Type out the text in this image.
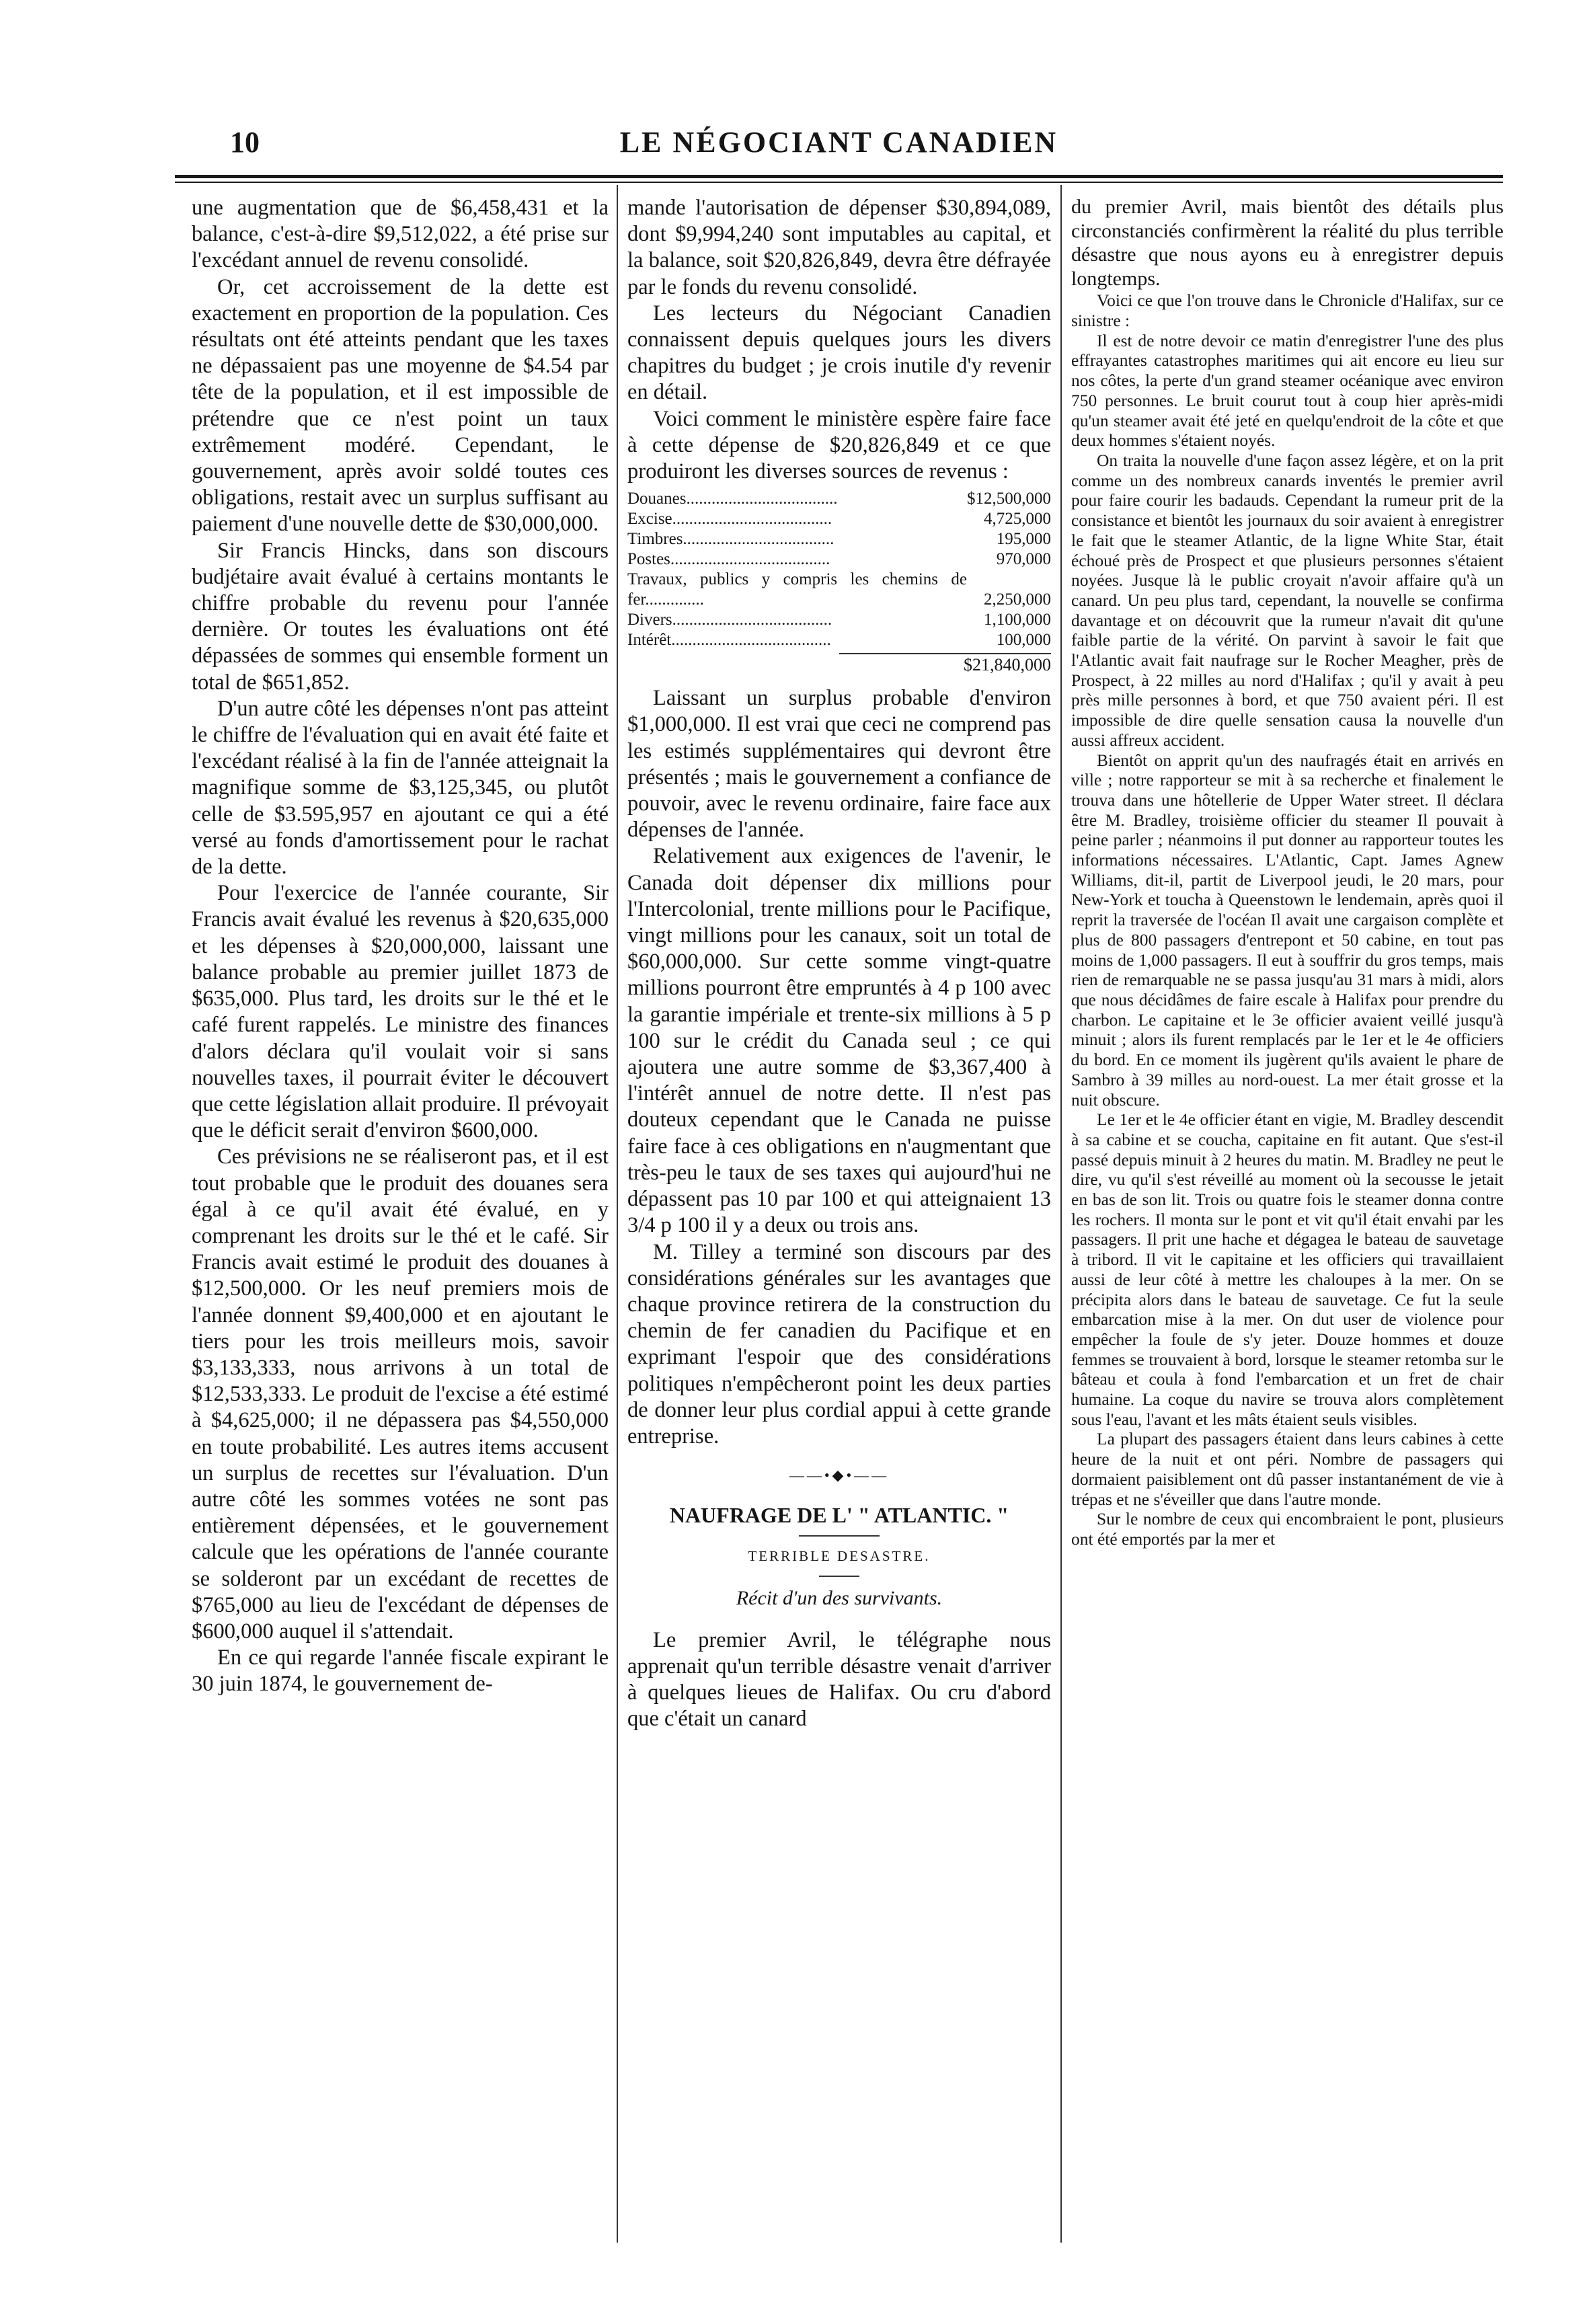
10	LE NÉGOCIANT CANADIEN

une augmentation que de $6,458,431 et la balance, c'est-à-dire $9,512,022, a été prise sur l'excédant annuel de revenu consolidé.

Or, cet accroissement de la dette est exactement en proportion de la population. Ces résultats ont été atteints pendant que les taxes ne dépassaient pas une moyenne de $4.54 par tête de la population, et il est impossible de prétendre que ce n'est point un taux extrêmement modéré. Cependant, le gouvernement, après avoir soldé toutes ces obligations, restait avec un surplus suffisant au paiement d'une nouvelle dette de $30,000,000.

Sir Francis Hincks, dans son discours budjétaire avait évalué à certains montants le chiffre probable du revenu pour l'année dernière. Or toutes les évaluations ont été dépassées de sommes qui ensemble forment un total de $651,852.

D'un autre côté les dépenses n'ont pas atteint le chiffre de l'évaluation qui en avait été faite et l'excédant réalisé à la fin de l'année atteignait la magnifique somme de $3,125,345, ou plutôt celle de $3.595,957 en ajoutant ce qui a été versé au fonds d'amortissement pour le rachat de la dette.

Pour l'exercice de l'année courante, Sir Francis avait évalué les revenus à $20,635,000 et les dépenses à $20,000,000, laissant une balance probable au premier juillet 1873 de $635,000. Plus tard, les droits sur le thé et le café furent rappelés. Le ministre des finances d'alors déclara qu'il voulait voir si sans nouvelles taxes, il pourrait éviter le découvert que cette législation allait produire. Il prévoyait que le déficit serait d'environ $600,000.

Ces prévisions ne se réaliseront pas, et il est tout probable que le produit des douanes sera égal à ce qu'il avait été évalué, en y comprenant les droits sur le thé et le café. Sir Francis avait estimé le produit des douanes à $12,500,000. Or les neuf premiers mois de l'année donnent $9,400,000 et en ajoutant le tiers pour les trois meilleurs mois, savoir $3,133,333, nous arrivons à un total de $12,533,333. Le produit de l'excise a été estimé à $4,625,000; il ne dépassera pas $4,550,000 en toute probabilité. Les autres items accusent un surplus de recettes sur l'évaluation. D'un autre côté les sommes votées ne sont pas entièrement dépensées, et le gouvernement calcule que les opérations de l'année courante se solderont par un excédant de recettes de $765,000 au lieu de l'excédant de dépenses de $600,000 auquel il s'attendait.

En ce qui regarde l'année fiscale expirant le 30 juin 1874, le gouvernement de-

mande l'autorisation de dépenser $30,894,089, dont $9,994,240 sont imputables au capital, et la balance, soit $20,826,849, devra être défrayée par le fonds du revenu consolidé.

Les lecteurs du Négociant Canadien connaissent depuis quelques jours les divers chapitres du budget ; je crois inutile d'y revenir en détail.

Voici comment le ministère espère faire face à cette dépense de $20,826,849 et ce que produiront les diverses sources de revenus :

Douanes....................................	$12,500,000
Excise......................................	4,725,000
Timbres....................................	195,000
Postes......................................	970,000
Travaux, publics y compris les chemins de fer..............	2,250,000
Divers......................................	1,100,000
Intérêt......................................	100,000
$21,840,000

Laissant un surplus probable d'environ $1,000,000. Il est vrai que ceci ne comprend pas les estimés supplémentaires qui devront être présentés ; mais le gouvernement a confiance de pouvoir, avec le revenu ordinaire, faire face aux dépenses de l'année.

Relativement aux exigences de l'avenir, le Canada doit dépenser dix millions pour l'Intercolonial, trente millions pour le Pacifique, vingt millions pour les canaux, soit un total de $60,000,000. Sur cette somme vingt-quatre millions pourront être empruntés à 4 p 100 avec la garantie impériale et trente-six millions à 5 p 100 sur le crédit du Canada seul ; ce qui ajoutera une autre somme de $3,367,400 à l'intérêt annuel de notre dette. Il n'est pas douteux cependant que le Canada ne puisse faire face à ces obligations en n'augmentant que très-peu le taux de ses taxes qui aujourd'hui ne dépassent pas 10 par 100 et qui atteignaient 13 3/4 p 100 il y a deux ou trois ans.

M. Tilley a terminé son discours par des considérations générales sur les avantages que chaque province retirera de la construction du chemin de fer canadien du Pacifique et en exprimant l'espoir que des considérations politiques n'empêcheront point les deux parties de donner leur plus cordial appui à cette grande entreprise.

——•◆•——
NAUFRAGE DE L' " ATLANTIC. "
TERRIBLE DESASTRE.
Récit d'un des survivants.

Le premier Avril, le télégraphe nous apprenait qu'un terrible désastre venait d'arriver à quelques lieues de Halifax. Ou cru d'abord que c'était un canard

du premier Avril, mais bientôt des détails plus circonstanciés confirmèrent la réalité du plus terrible désastre que nous ayons eu à enregistrer depuis longtemps.

Voici ce que l'on trouve dans le Chronicle d'Halifax, sur ce sinistre :

Il est de notre devoir ce matin d'enregistrer l'une des plus effrayantes catastrophes maritimes qui ait encore eu lieu sur nos côtes, la perte d'un grand steamer océanique avec environ 750 personnes. Le bruit courut tout à coup hier après-midi qu'un steamer avait été jeté en quelqu'endroit de la côte et que deux hommes s'étaient noyés.

On traita la nouvelle d'une façon assez légère, et on la prit comme un des nombreux canards inventés le premier avril pour faire courir les badauds. Cependant la rumeur prit de la consistance et bientôt les journaux du soir avaient à enregistrer le fait que le steamer Atlantic, de la ligne White Star, était échoué près de Prospect et que plusieurs personnes s'étaient noyées. Jusque là le public croyait n'avoir affaire qu'à un canard. Un peu plus tard, cependant, la nouvelle se confirma davantage et on découvrit que la rumeur n'avait dit qu'une faible partie de la vérité. On parvint à savoir le fait que l'Atlantic avait fait naufrage sur le Rocher Meagher, près de Prospect, à 22 milles au nord d'Halifax ; qu'il y avait à peu près mille personnes à bord, et que 750 avaient péri. Il est impossible de dire quelle sensation causa la nouvelle d'un aussi affreux accident.

Bientôt on apprit qu'un des naufragés était en arrivés en ville ; notre rapporteur se mit à sa recherche et finalement le trouva dans une hôtellerie de Upper Water street. Il déclara être M. Bradley, troisième officier du steamer Il pouvait à peine parler ; néanmoins il put donner au rapporteur toutes les informations nécessaires. L'Atlantic, Capt. James Agnew Williams, dit-il, partit de Liverpool jeudi, le 20 mars, pour New-York et toucha à Queenstown le lendemain, après quoi il reprit la traversée de l'océan Il avait une cargaison complète et plus de 800 passagers d'entrepont et 50 cabine, en tout pas moins de 1,000 passagers. Il eut à souffrir du gros temps, mais rien de remarquable ne se passa jusqu'au 31 mars à midi, alors que nous décidâmes de faire escale à Halifax pour prendre du charbon. Le capitaine et le 3e officier avaient veillé jusqu'à minuit ; alors ils furent remplacés par le 1er et le 4e officiers du bord. En ce moment ils jugèrent qu'ils avaient le phare de Sambro à 39 milles au nord-ouest. La mer était grosse et la nuit obscure.

Le 1er et le 4e officier étant en vigie, M. Bradley descendit à sa cabine et se coucha, capitaine en fit autant. Que s'est-il passé depuis minuit à 2 heures du matin. M. Bradley ne peut le dire, vu qu'il s'est réveillé au moment où la secousse le jetait en bas de son lit. Trois ou quatre fois le steamer donna contre les rochers. Il monta sur le pont et vit qu'il était envahi par les passagers. Il prit une hache et dégagea le bateau de sauvetage à tribord. Il vit le capitaine et les officiers qui travaillaient aussi de leur côté à mettre les chaloupes à la mer. On se précipita alors dans le bateau de sauvetage. Ce fut la seule embarcation mise à la mer. On dut user de violence pour empêcher la foule de s'y jeter. Douze hommes et douze femmes se trouvaient à bord, lorsque le steamer retomba sur le bâteau et coula à fond l'embarcation et un fret de chair humaine. La coque du navire se trouva alors complètement sous l'eau, l'avant et les mâts étaient seuls visibles.

La plupart des passagers étaient dans leurs cabines à cette heure de la nuit et ont péri. Nombre de passagers qui dormaient paisiblement ont dû passer instantanément de vie à trépas et ne s'éveiller que dans l'autre monde.

Sur le nombre de ceux qui encombraient le pont, plusieurs ont été emportés par la mer et
